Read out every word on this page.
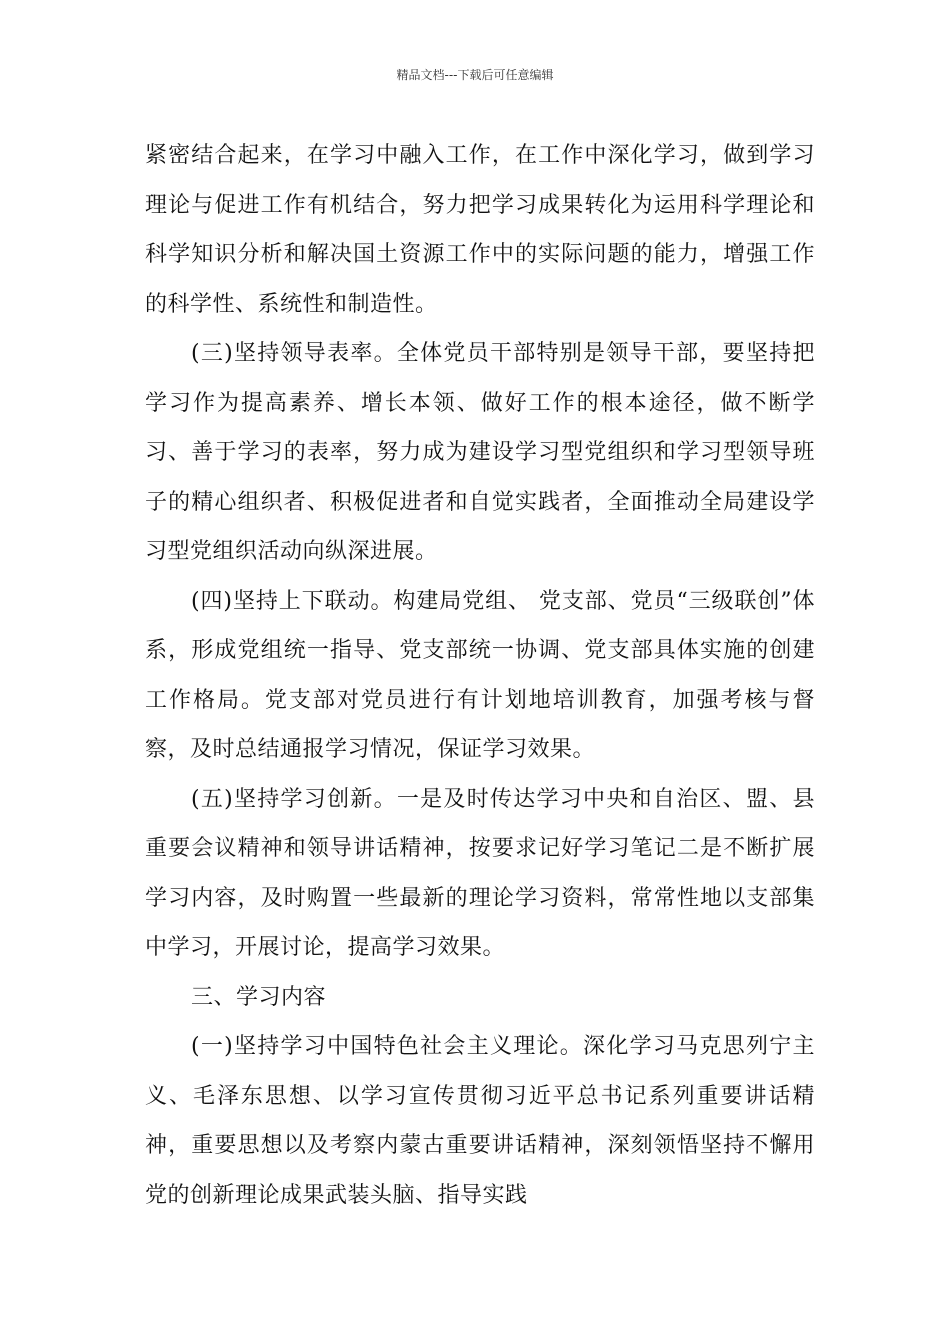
精品文档---下载后可任意编辑

紧密结合起来，在学习中融入工作，在工作中深化学习，做到学习理论与促进工作有机结合，努力把学习成果转化为运用科学理论和科学知识分析和解决国土资源工作中的实际问题的能力，增强工作的科学性、系统性和制造性。

(三)坚持领导表率。全体党员干部特别是领导干部，要坚持把学习作为提高素养、增长本领、做好工作的根本途径，做不断学习、善于学习的表率，努力成为建设学习型党组织和学习型领导班子的精心组织者、积极促进者和自觉实践者，全面推动全局建设学习型党组织活动向纵深进展。

(四)坚持上下联动。构建局党组、 党支部、党员“三级联创”体系，形成党组统一指导、党支部统一协调、党支部具体实施的创建工作格局。党支部对党员进行有计划地培训教育，加强考核与督察，及时总结通报学习情况，保证学习效果。

(五)坚持学习创新。一是及时传达学习中央和自治区、盟、县重要会议精神和领导讲话精神，按要求记好学习笔记二是不断扩展学习内容，及时购置一些最新的理论学习资料，常常性地以支部集中学习，开展讨论，提高学习效果。

三、学习内容

(一)坚持学习中国特色社会主义理论。深化学习马克思列宁主义、毛泽东思想、以学习宣传贯彻习近平总书记系列重要讲话精神，重要思想以及考察内蒙古重要讲话精神，深刻领悟坚持不懈用党的创新理论成果武装头脑、指导实践
